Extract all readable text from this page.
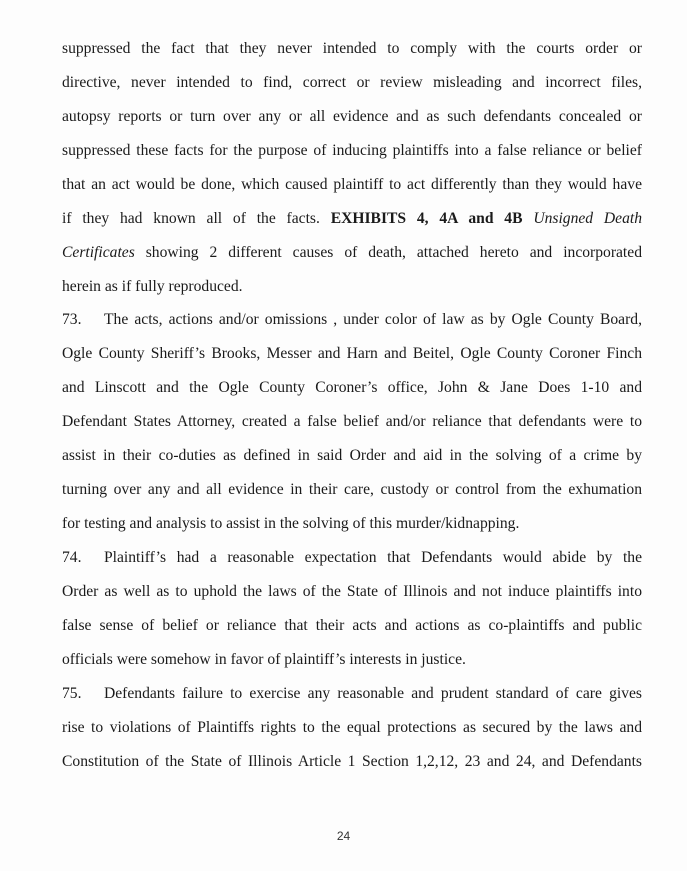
suppressed the fact that they never intended to comply with the courts order or
directive, never intended to find, correct or review misleading and incorrect files,
autopsy reports or turn over any or all evidence and as such defendants concealed or
suppressed these facts for the purpose of inducing plaintiffs into a false reliance or belief
that an act would be done, which caused plaintiff to act differently than they would have
if they had known all of the facts. EXHIBITS 4, 4A and 4B Unsigned Death
Certificates showing 2 different causes of death, attached hereto and incorporated
herein as if fully reproduced.
73. The acts, actions and/or omissions , under color of law as by Ogle County Board,
Ogle County Sheriff’s Brooks, Messer and Harn and Beitel, Ogle County Coroner Finch
and Linscott and the Ogle County Coroner’s office, John & Jane Does 1-10 and
Defendant States Attorney, created a false belief and/or reliance that defendants were to
assist in their co-duties as defined in said Order and aid in the solving of a crime by
turning over any and all evidence in their care, custody or control from the exhumation
for testing and analysis to assist in the solving of this murder/kidnapping.
74. Plaintiff’s had a reasonable expectation that Defendants would abide by the
Order as well as to uphold the laws of the State of Illinois and not induce plaintiffs into
false sense of belief or reliance that their acts and actions as co-plaintiffs and public
officials were somehow in favor of plaintiff’s interests in justice.
75. Defendants failure to exercise any reasonable and prudent standard of care gives
rise to violations of Plaintiffs rights to the equal protections as secured by the laws and
Constitution of the State of Illinois Article 1 Section 1,2,12, 23 and 24, and Defendants
24
